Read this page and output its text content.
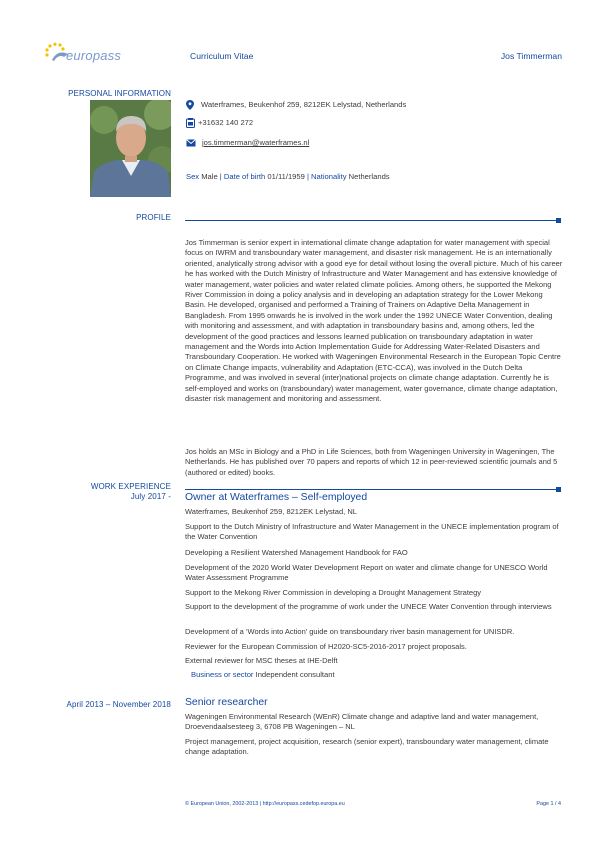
europass	Curriculum Vitae	Jos Timmerman
PERSONAL INFORMATION
Waterframes, Beukenhof 259, 8212EK Lelystad, Netherlands
+31632 140 272
jos.timmerman@waterframes.nl
Sex Male | Date of birth 01/11/1959 | Nationality Netherlands
PROFILE
Jos Timmerman is senior expert in international climate change adaptation for water management with special focus on IWRM and transboundary water management, and disaster risk management. He is an internationally oriented, analytically strong advisor with a good eye for detail without losing the overall picture. Much of his career he has worked with the Dutch Ministry of Infrastructure and Water Management and has extensive knowledge of water management, water policies and water related climate policies. Among others, he supported the Mekong River Commission in doing a policy analysis and in developing an adaptation strategy for the Lower Mekong Basin. He developed, organised and performed a Training of Trainers on Adaptive Delta Management in Bangladesh. From 1995 onwards he is involved in the work under the 1992 UNECE Water Convention, dealing with monitoring and assessment, and with adaptation in transboundary basins and, among others, led the development of the good practices and lessons learned publication on transboundary adaptation in water management and the Words into Action Implementation Guide for Addressing Water-Related Disasters and Transboundary Cooperation. He worked with Wageningen Environmental Research in the European Topic Centre on Climate Change impacts, vulnerability and Adaptation (ETC-CCA), was involved in the Dutch Delta Programme, and was involved in several (inter)national projects on climate change adaptation. Currently he is self-employed and works on (transboundary) water management, water governance, climate change adaptation, disaster risk management and monitoring and assessment.
Jos holds an MSc in Biology and a PhD in Life Sciences, both from Wageningen University in Wageningen, The Netherlands. He has published over 70 papers and reports of which 12 in peer-reviewed scientific journals and 5 (authored or edited) books.
WORK EXPERIENCE
July 2017 - Owner at Waterframes – Self-employed
Waterframes, Beukenhof 259, 8212EK Lelystad, NL
Support to the Dutch Ministry of Infrastructure and Water Management in the UNECE implementation program of the Water Convention
Developing a Resilient Watershed Management Handbook for FAO
Development of the 2020 World Water Development Report on water and climate change for UNESCO World Water Assessment Programme
Support to the Mekong River Commission in developing a Drought Management Strategy
Support to the development of the programme of work under the UNECE Water Convention through interviews
Development of a ‘Words into Action’ guide on transboundary river basin management for UNISDR.
Reviewer for the European Commission of H2020-SC5-2016-2017 project proposals.
External reviewer for MSC theses at IHE-Delft
Business or sector Independent consultant
April 2013 – November 2018 Senior researcher
Wageningen Environmental Research (WEnR) Climate change and adaptive land and water management, Droevendaalsesteeg 3, 6708 PB Wageningen – NL
Project management, project acquisition, research (senior expert), transboundary water management, climate change adaptation.
© European Union, 2002-2013 | http://europass.cedefop.europa.eu	Page 1 / 4
